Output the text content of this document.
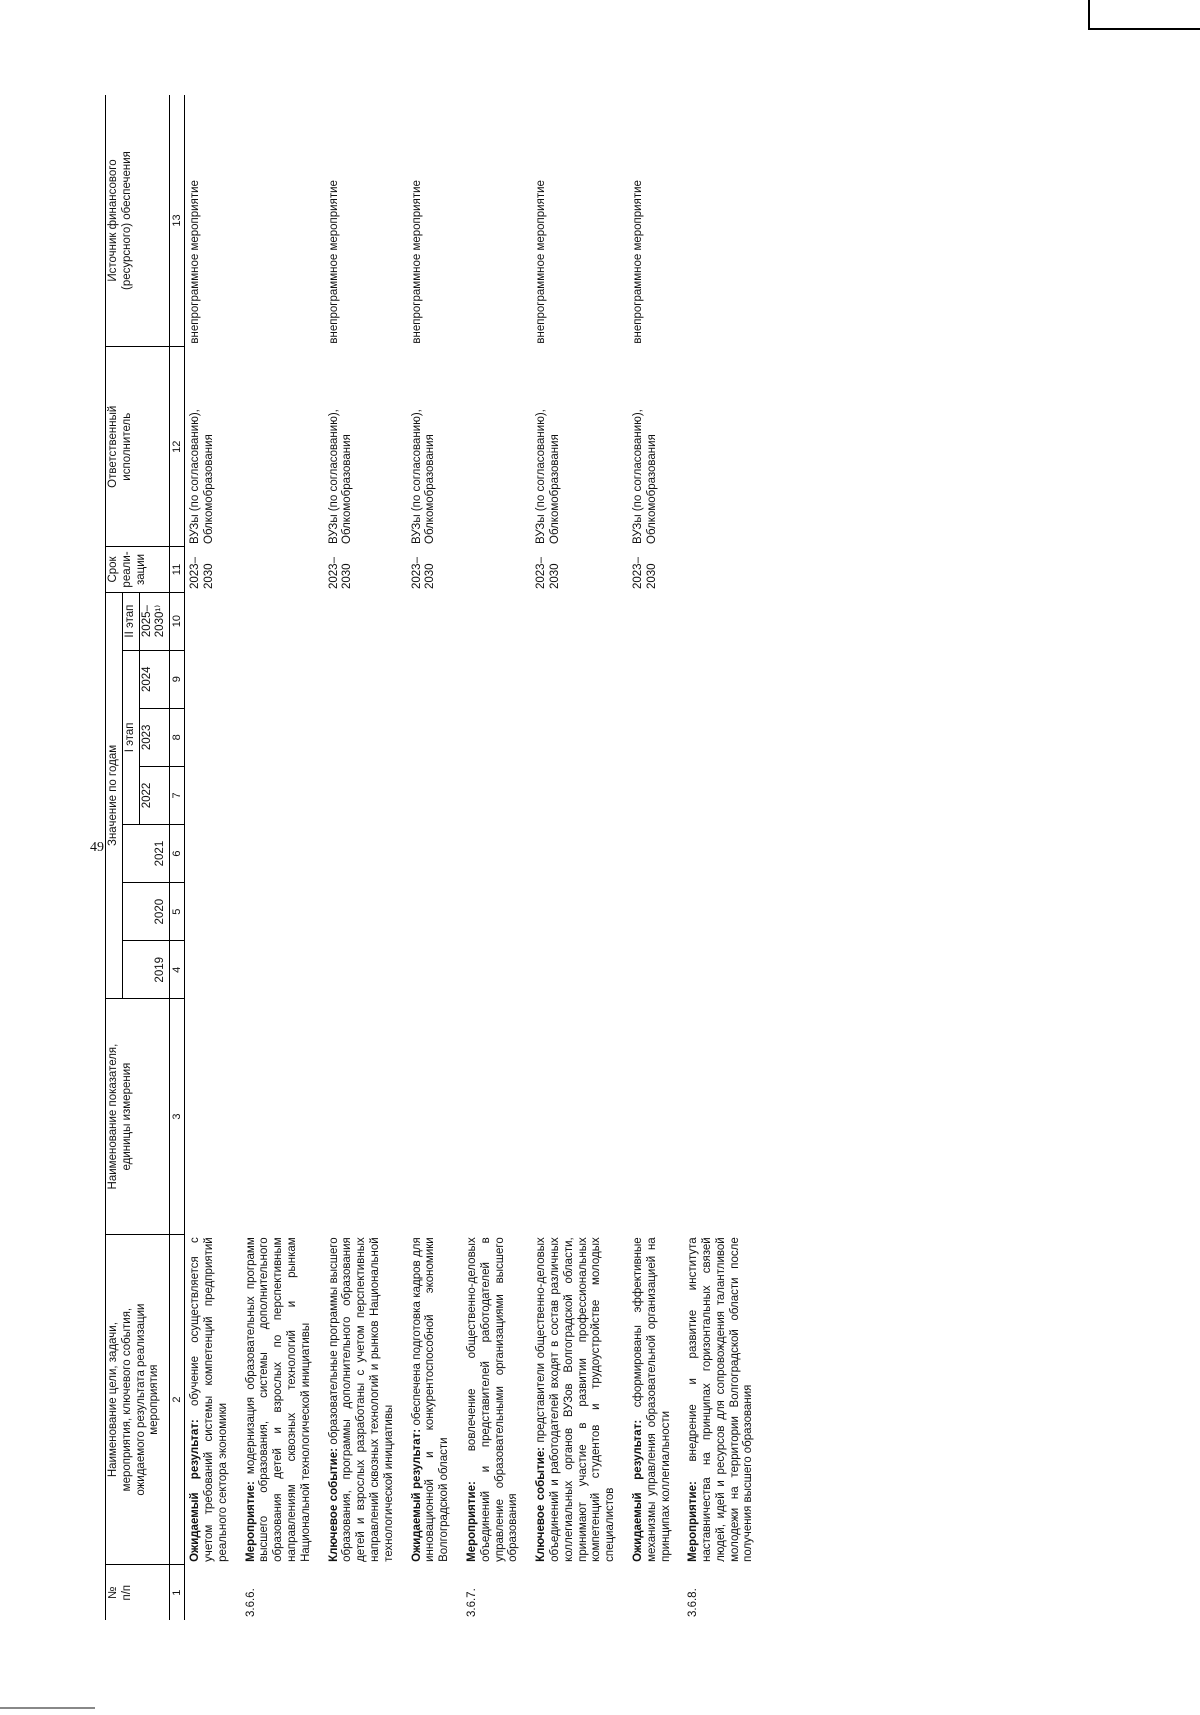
49
№
п/п	Наименование цели, задачи,
мероприятия, ключевого события,
ожидаемого результата реализации
мероприятия	Наименование показателя,
единицы измерения	Значение по годам							Срок
реали-
зации	Ответственный
исполнитель	Источник финансового
(ресурсного) обеспечения
			2019	2020	2021	I этап			II этап			
						2022	2023	2024	2025–
2030¹⁾			
1	2	3	4	5	6	7	8	9	10	11	12	13
	Ожидаемый результат: обучение осуществляется с учетом требований системы компетенций предприятий реального сектора экономики									2023–
2030	ВУЗы (по согласованию),
Облкомобразования	внепрограммное мероприятие

3.6.6.	Мероприятие: модернизация образовательных программ высшего образования, системы дополнительного образования детей и взрослых по перспективным направлениям сквозных технологий и рынкам Национальной технологической инициативы											

	Ключевое событие: образовательные программы высшего образования, программы дополнительного образования детей и взрослых разработаны с учетом перспективных направлений сквозных технологий и рынков Национальной технологической инициативы									2023–
2030	ВУЗы (по согласованию),
Облкомобразования	внепрограммное мероприятие

	Ожидаемый результат: обеспечена подготовка кадров для инновационной и конкурентоспособной экономики Волгоградской области									2023–
2030	ВУЗы (по согласованию),
Облкомобразования	внепрограммное мероприятие

3.6.7.	Мероприятие: вовлечение общественно-деловых объединений и представителей работодателей в управление образовательными организациями высшего образования											

	Ключевое событие: представители общественно-деловых объединений и работодателей входят в состав различных коллегиальных органов ВУЗов Волгоградской области, принимают участие в развитии профессиональных компетенций студентов и трудоустройстве молодых специалистов									2023–
2030	ВУЗы (по согласованию),
Облкомобразования	внепрограммное мероприятие

	Ожидаемый результат: сформированы эффективные механизмы управления образовательной организацией на принципах коллегиальности									2023–
2030	ВУЗы (по согласованию),
Облкомобразования	внепрограммное мероприятие

3.6.8.	Мероприятие: внедрение и развитие института наставничества на принципах горизонтальных связей людей, идей и ресурсов для сопровождения талантливой молодежи на территории Волгоградской области после получения высшего образования											
